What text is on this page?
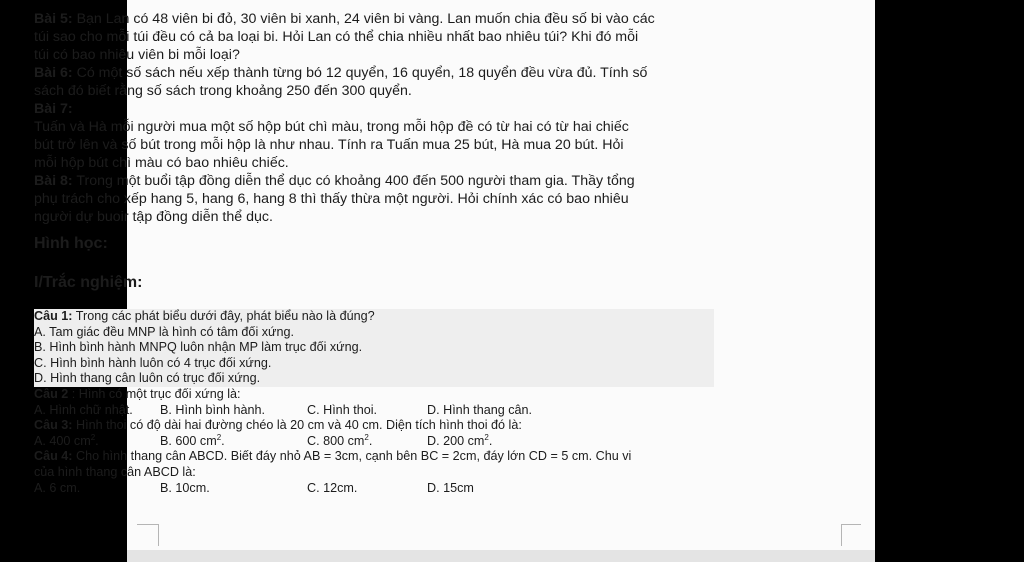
Bài 5: Bạn Lan có 48 viên bi đỏ, 30 viên bi xanh, 24 viên bi vàng. Lan muốn chia đều số bi vào các
túi sao cho mỗi túi đều có cả ba loại bi. Hỏi Lan có thể chia nhiều nhất bao nhiêu túi? Khi đó mỗi
túi có bao nhiêu viên bi mỗi loại?

Bài 6: Có một số sách nếu xếp thành từng bó 12 quyển, 16 quyển, 18 quyển đều vừa đủ. Tính số
sách đó biết rằng số sách trong khoảng 250 đến 300 quyển.

Bài 7:
Tuấn và Hà mỗi người mua một số hộp bút chì màu, trong mỗi hộp đề có từ hai có từ hai chiếc
bút trở lên và số bút trong mỗi hộp là như nhau. Tính ra Tuấn mua 25 bút, Hà mua 20 bút. Hỏi
mỗi hộp bút chì màu có bao nhiêu chiếc.

Bài 8: Trong một buổi tập đồng diễn thể dục có khoảng 400 đến 500 người tham gia. Thầy tổng
phụ trách cho xếp hang 5, hang 6, hang 8 thì thấy thừa một người. Hỏi chính xác có bao nhiêu
người dự buoir tập đồng diễn thể dục.

Hình học:
I/Trắc nghiệm:
Câu 1: Trong các phát biểu dưới đây, phát biểu nào là đúng?
A. Tam giác đều MNP là hình có tâm đối xứng.
B. Hình bình hành MNPQ luôn nhận MP làm trục đối xứng.
C. Hình bình hành luôn có 4 trục đối xứng.
D. Hình thang cân luôn có trục đối xứng.
Câu 2 : Hình có một trục đối xứng là:
A. Hình chữ nhật.	B. Hình bình hành.	C. Hình thoi.	D. Hình thang cân.
Câu 3: Hình thoi có độ dài hai đường chéo là 20 cm và 40 cm. Diện tích hình thoi đó là:
A. 400 $cm^2$.	B. 600 $cm^2$.	C. 800 $cm^2$.	D. 200 $cm^2$.
Câu 4: Cho hình thang cân ABCD. Biết đáy nhỏ AB = 3cm, cạnh bên BC = 2cm, đáy lớn CD = 5 cm. Chu vi
của hình thang cân ABCD là:
A. 6 cm.	B. 10cm.	C. 12cm.	D. 15cm
